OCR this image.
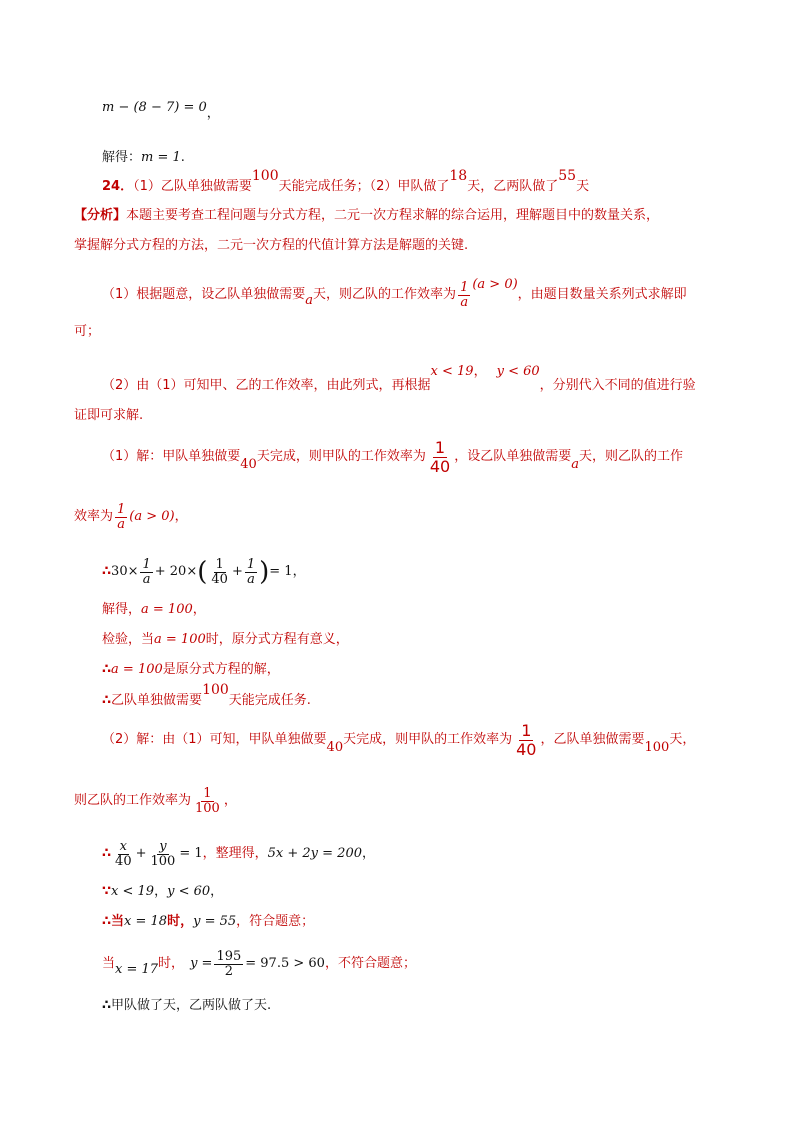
m − (8 − 7) = 0，
解得：m = 1.
24．（1）乙队单独做需要100天能完成任务；（2）甲队做了18天，乙两队做了55天
【分析】本题主要考查工程问题与分式方程，二元一次方程求解的综合运用，理解题目中的数量关系，
掌握解分式方程的方法，二元一次方程的代值计算方法是解题的关键.
（1）根据题意，设乙队单独做需要 a 天，则乙队的工作效率为 $\frac{1}{a} (a > 0)$
，由题目数量关系列式求解即
可；
（2）由（1）可知甲、乙的工作效率，由此列式，再根据
x < 19 ， y < 60
，分别代入不同的值进行验
证即可求解.
（1）解：甲队单独做要
40
天完成，则甲队的工作效率为 $\frac{1}{40}$ ，设乙队单独做需要
a
天，则乙队的工作
效率为 $\frac{1}{a} (a > 0)$ ，
∴ $30\times \frac{1}{a} + 20\times$ ( $\frac{1}{40} + \frac{1}{a}$ ) = 1 ，
解得，a = 100，
检验，当a = 100时，原分式方程有意义，
∴a = 100是原分式方程的解，
∴乙队单独做需要100天能完成任务.
（2）解：由（1）可知，甲队单独做要
40
天完成，则甲队的工作效率为 $\frac{1}{40}$ ，乙队单独做需要
100
天，
则乙队的工作效率为 $\frac{1}{100}$ ，
∴ $\frac{x}{40} + \frac{y}{100} = 1$ ，整理得， 5x + 2y = 200 ，
∵x < 19，y < 60，
∴当x = 18时，y = 55，符合题意；
当 x = 17 时， $y = \frac{195}{2} = 97.5 > 60$ ，不符合题意；
∴甲队做了天，乙两队做了天.
